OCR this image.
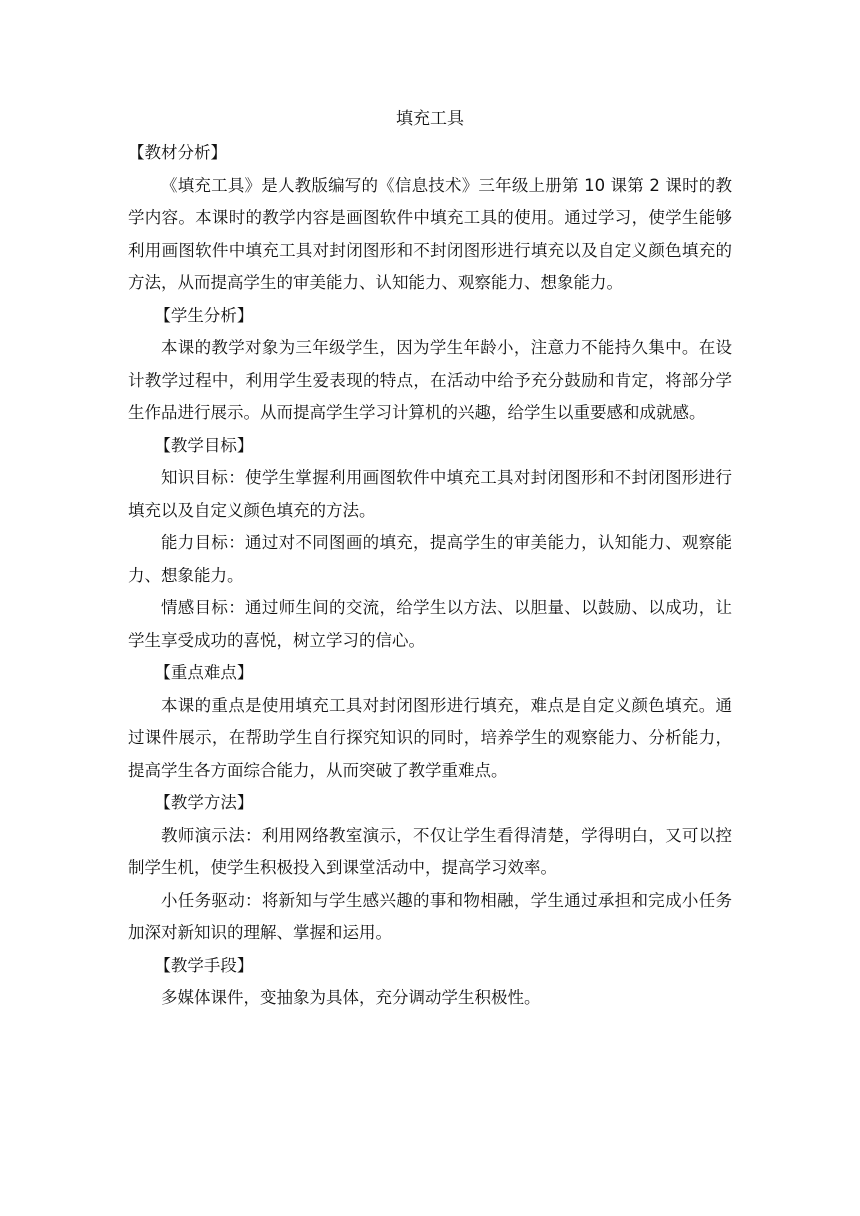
填充工具
【教材分析】

《填充工具》是人教版编写的《信息技术》三年级上册第 10 课第 2 课时的教学内容。本课时的教学内容是画图软件中填充工具的使用。通过学习，使学生能够利用画图软件中填充工具对封闭图形和不封闭图形进行填充以及自定义颜色填充的方法，从而提高学生的审美能力、认知能力、观察能力、想象能力。

【学生分析】

本课的教学对象为三年级学生，因为学生年龄小，注意力不能持久集中。在设计教学过程中，利用学生爱表现的特点，在活动中给予充分鼓励和肯定，将部分学生作品进行展示。从而提高学生学习计算机的兴趣，给学生以重要感和成就感。

【教学目标】

知识目标：使学生掌握利用画图软件中填充工具对封闭图形和不封闭图形进行填充以及自定义颜色填充的方法。

能力目标：通过对不同图画的填充，提高学生的审美能力，认知能力、观察能力、想象能力。

情感目标：通过师生间的交流，给学生以方法、以胆量、以鼓励、以成功，让学生享受成功的喜悦，树立学习的信心。

【重点难点】

本课的重点是使用填充工具对封闭图形进行填充，难点是自定义颜色填充。通过课件展示，在帮助学生自行探究知识的同时，培养学生的观察能力、分析能力，提高学生各方面综合能力，从而突破了教学重难点。

【教学方法】

教师演示法：利用网络教室演示，不仅让学生看得清楚，学得明白，又可以控制学生机，使学生积极投入到课堂活动中，提高学习效率。

小任务驱动：将新知与学生感兴趣的事和物相融，学生通过承担和完成小任务加深对新知识的理解、掌握和运用。

【教学手段】

多媒体课件，变抽象为具体，充分调动学生积极性。
